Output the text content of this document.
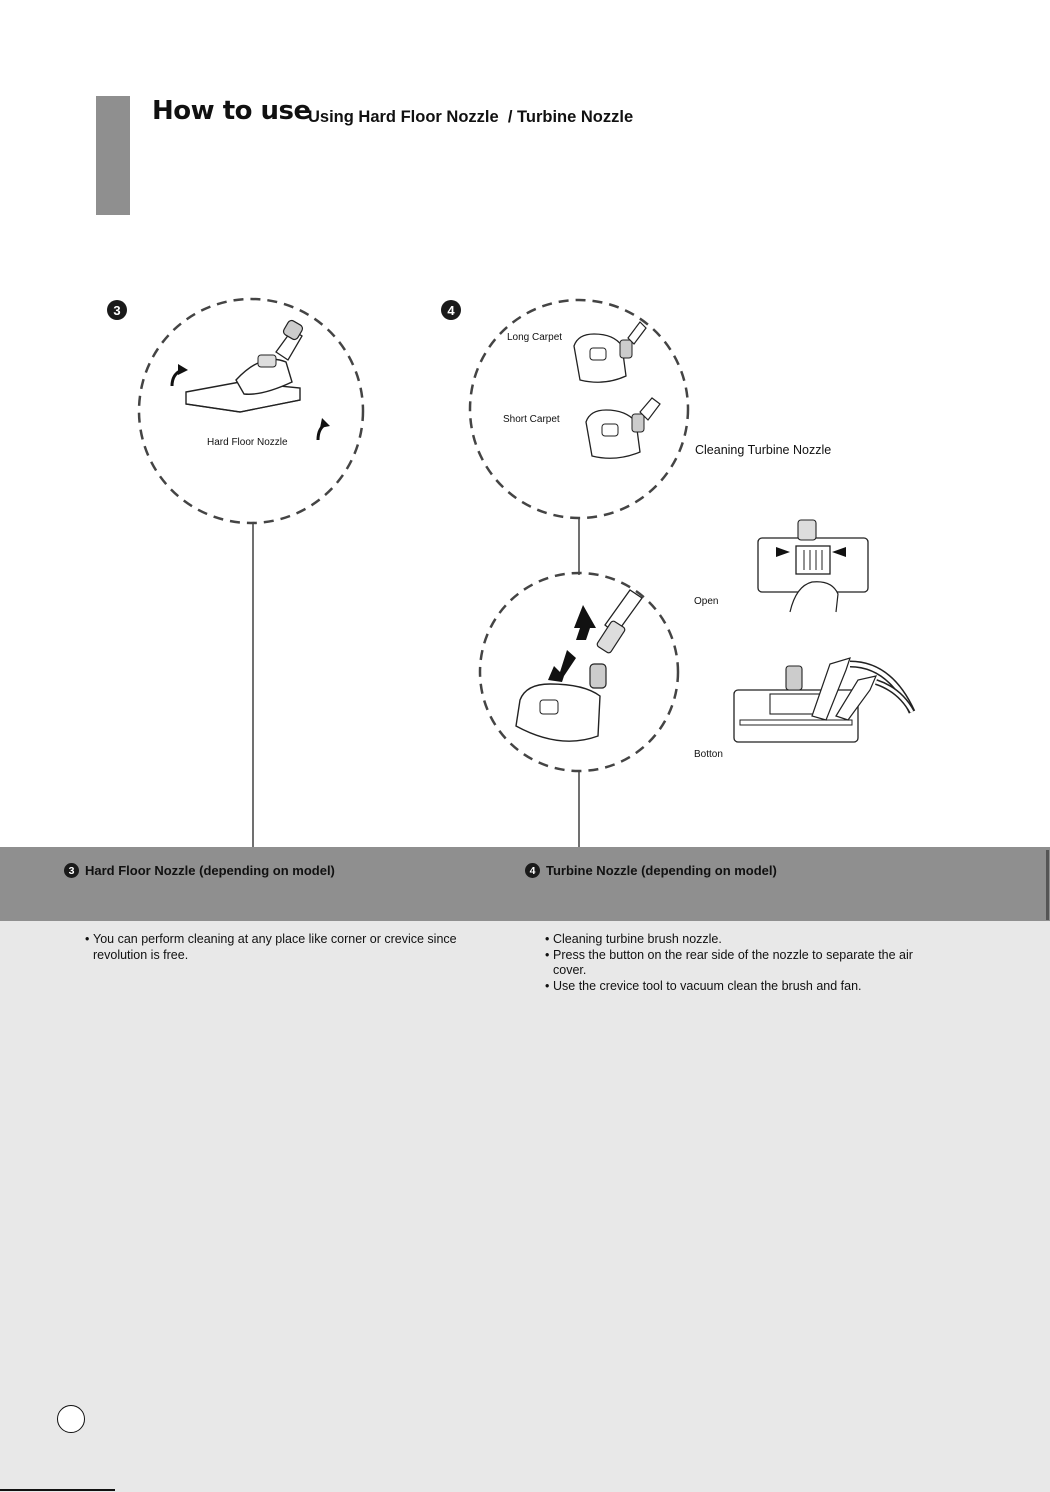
How to use
Using Hard Floor Nozzle  / Turbine Nozzle
3	4
Hard Floor Nozzle
Long Carpet
Short Carpet
Cleaning Turbine Nozzle
Open
Botton
3 Hard Floor Nozzle (depending on model)	4 Turbine Nozzle (depending on model)
• You can perform cleaning at any place like corner or crevice since revolution is free.
• Cleaning turbine brush nozzle.
• Press the button on the rear side of the nozzle to separate the air cover.
• Use the crevice tool to vacuum clean the brush and fan.
